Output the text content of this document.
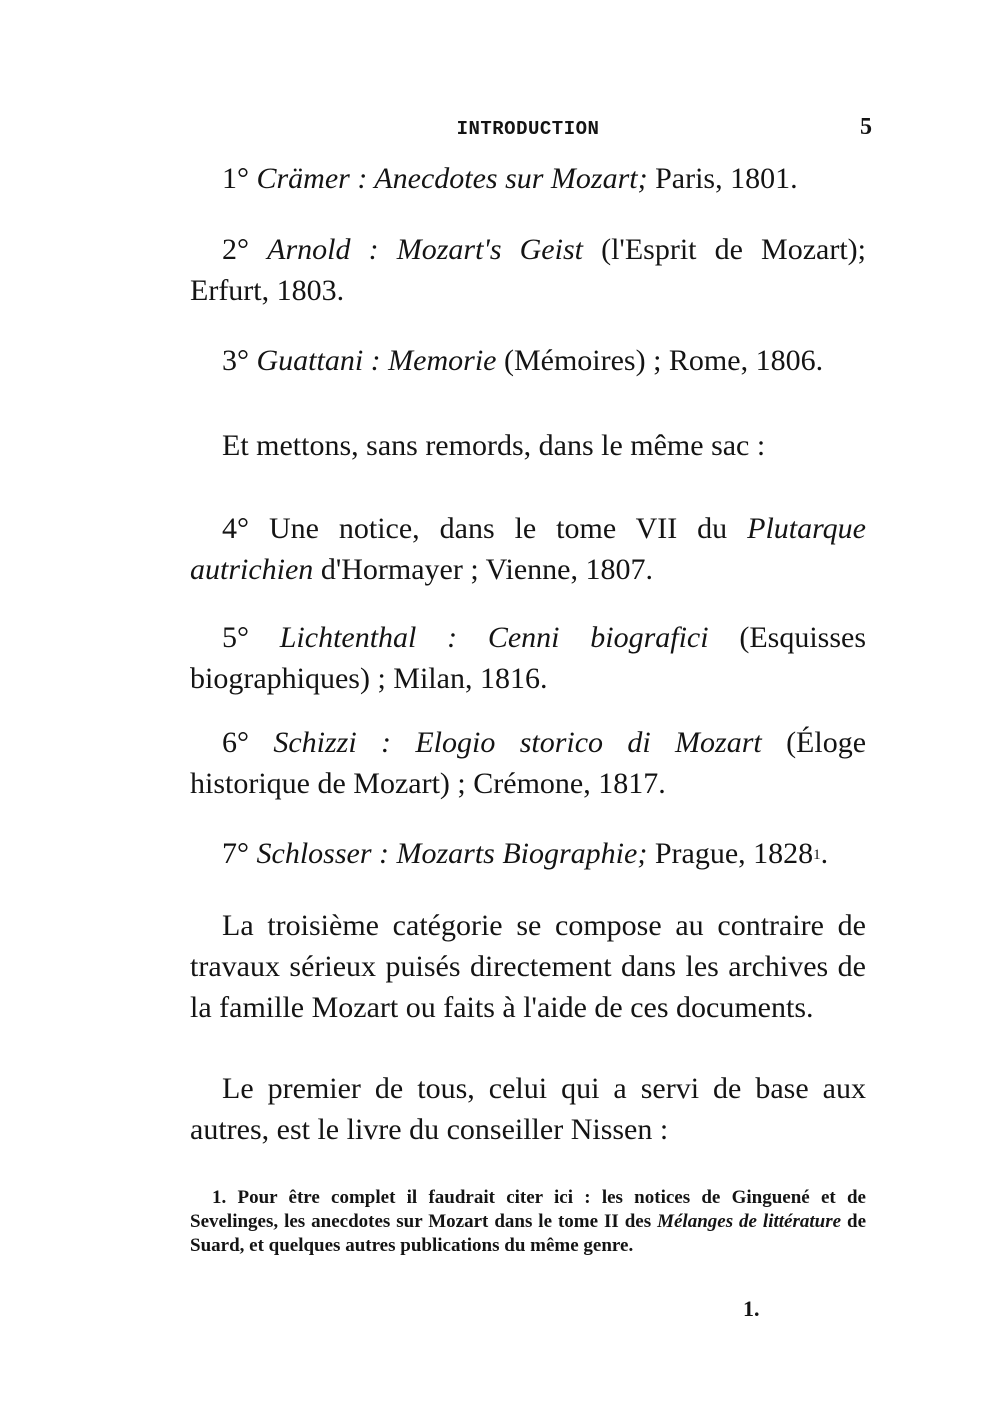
INTRODUCTION	5
1° Crämer : Anecdotes sur Mozart; Paris, 1801.
2° Arnold : Mozart's Geist (l'Esprit de Mozart); Erfurt, 1803.
3° Guattani : Memorie (Mémoires) ; Rome, 1806.
Et mettons, sans remords, dans le même sac :
4° Une notice, dans le tome VII du Plutarque autrichien d'Hormayer ; Vienne, 1807.
5° Lichtenthal : Cenni biografici (Esquisses biographiques) ; Milan, 1816.
6° Schizzi : Elogio storico di Mozart (Éloge historique de Mozart) ; Crémone, 1817.
7° Schlosser : Mozarts Biographie; Prague, 1828$^1$.
La troisième catégorie se compose au contraire de travaux sérieux puisés directement dans les archives de la famille Mozart ou faits à l'aide de ces documents.
Le premier de tous, celui qui a servi de base aux autres, est le livre du conseiller Nissen :
1. Pour être complet il faudrait citer ici : les notices de Ginguené et de Sevelinges, les anecdotes sur Mozart dans le tome II des Mélanges de littérature de Suard, et quelques autres publications du même genre.
1.
